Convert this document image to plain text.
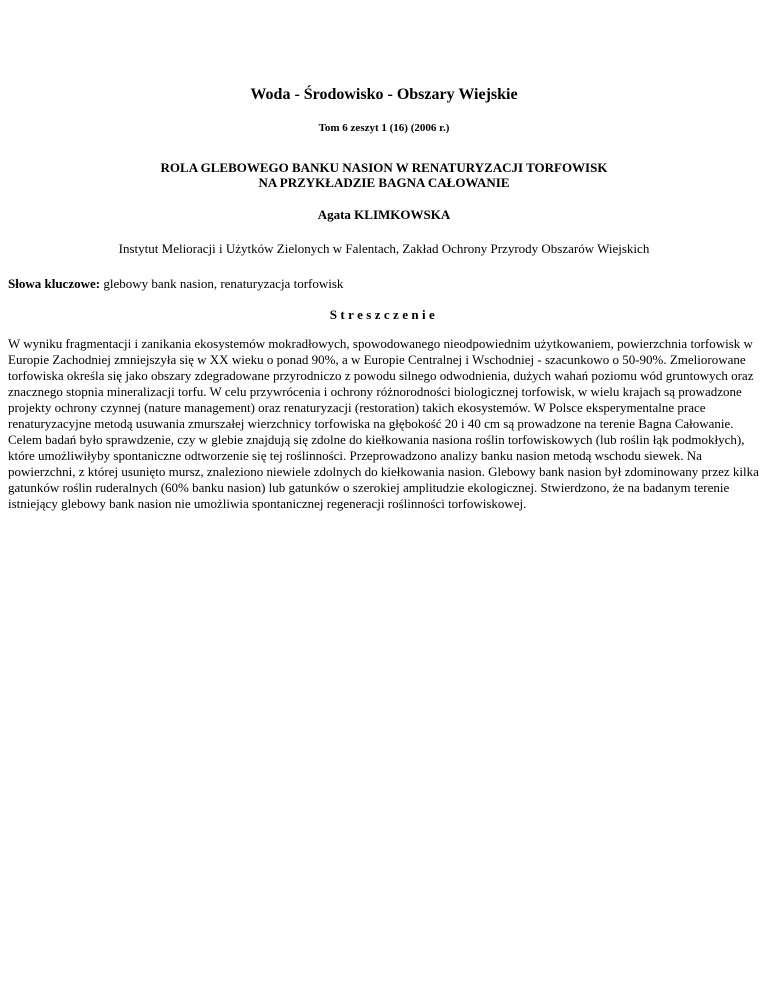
Woda - Środowisko - Obszary Wiejskie
Tom 6 zeszyt 1 (16) (2006 r.)
ROLA GLEBOWEGO BANKU NASION W RENATURYZACJI TORFOWISK
NA PRZYKŁADZIE BAGNA CAŁOWANIE
Agata KLIMKOWSKA
Instytut Melioracji i Użytków Zielonych w Falentach, Zakład Ochrony Przyrody Obszarów Wiejskich
Słowa kluczowe: glebowy bank nasion, renaturyzacja torfowisk
Streszczenie

W wyniku fragmentacji i zanikania ekosystemów mokradłowych, spowodowanego nieodpowiednim użytkowaniem, powierzchnia torfowisk w Europie Zachodniej zmniejszyła się w XX wieku o ponad 90%, a w Europie Centralnej i Wschodniej - szacunkowo o 50-90%. Zmeliorowane torfowiska określa się jako obszary zdegradowane przyrodniczo z powodu silnego odwodnienia, dużych wahań poziomu wód gruntowych oraz znacznego stopnia mineralizacji torfu. W celu przywrócenia i ochrony różnorodności biologicznej torfowisk, w wielu krajach są prowadzone projekty ochrony czynnej (nature management) oraz renaturyzacji (restoration) takich ekosystemów. W Polsce eksperymentalne prace renaturyzacyjne metodą usuwania zmurszałej wierzchnicy torfowiska na głębokość 20 i 40 cm są prowadzone na terenie Bagna Całowanie. Celem badań było sprawdzenie, czy w glebie znajdują się zdolne do kiełkowania nasiona roślin torfowiskowych (lub roślin łąk podmokłych), które umożliwiłyby spontaniczne odtworzenie się tej roślinności. Przeprowadzono analizy banku nasion metodą wschodu siewek. Na powierzchni, z której usunięto mursz, znaleziono niewiele zdolnych do kiełkowania nasion. Glebowy bank nasion był zdominowany przez kilka gatunków roślin ruderalnych (60% banku nasion) lub gatunków o szerokiej amplitudzie ekologicznej. Stwierdzono, że na badanym terenie istniejący glebowy bank nasion nie umożliwia spontanicznej regeneracji roślinności torfowiskowej.
